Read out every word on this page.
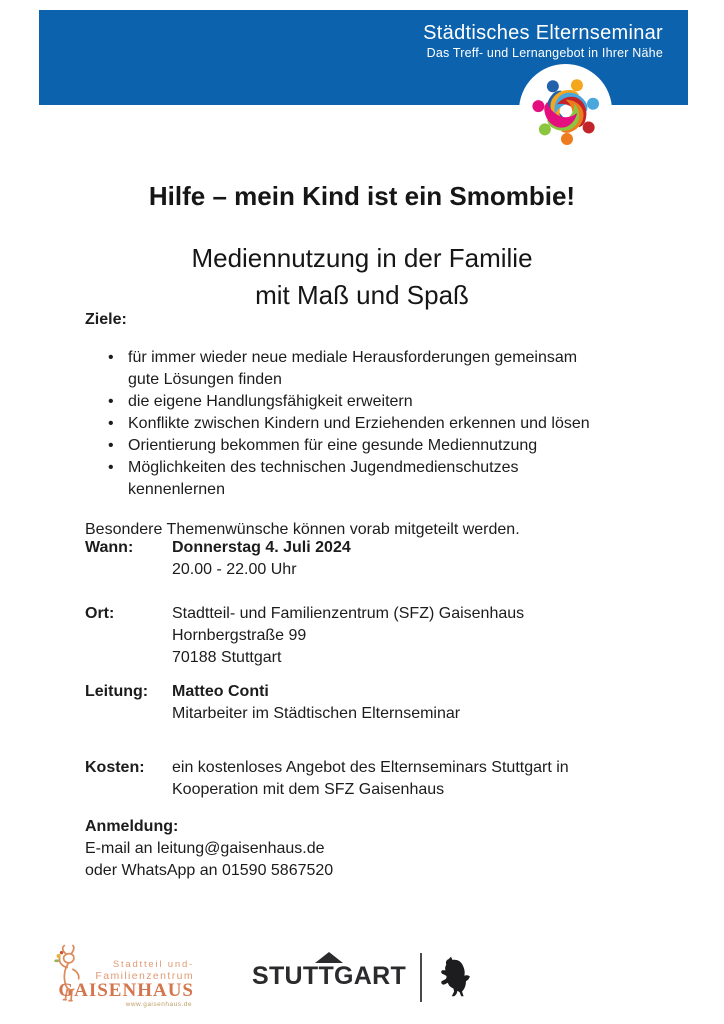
Städtisches Elternseminar
Das Treff- und Lernangebot in Ihrer Nähe
Hilfe – mein Kind ist ein Smombie!
Mediennutzung in der Familie
mit Maß und Spaß
Ziele:
• für immer wieder neue mediale Herausforderungen gemeinsam
gute Lösungen finden
• die eigene Handlungsfähigkeit erweitern
• Konflikte zwischen Kindern und Erziehenden erkennen und lösen
• Orientierung bekommen für eine gesunde Mediennutzung
• Möglichkeiten des technischen Jugendmedienschutzes
kennenlernen

Besondere Themenwünsche können vorab mitgeteilt werden.

Wann: Donnerstag 4. Juli 2024
20.00 - 22.00 Uhr
Ort:	Stadtteil- und Familienzentrum (SFZ) Gaisenhaus
Hornbergstraße 99
70188 Stuttgart
Leitung: Matteo Conti
Mitarbeiter im Städtischen Elternseminar
Kosten: ein kostenloses Angebot des Elternseminars Stuttgart in
Kooperation mit dem SFZ Gaisenhaus
Anmeldung:
E-mail an leitung@gaisenhaus.de
oder WhatsApp an 01590 5867520
Stadtteil und-
Familienzentrum
GAISENHAUS
www.gaisenhaus.de
STUTTGART
